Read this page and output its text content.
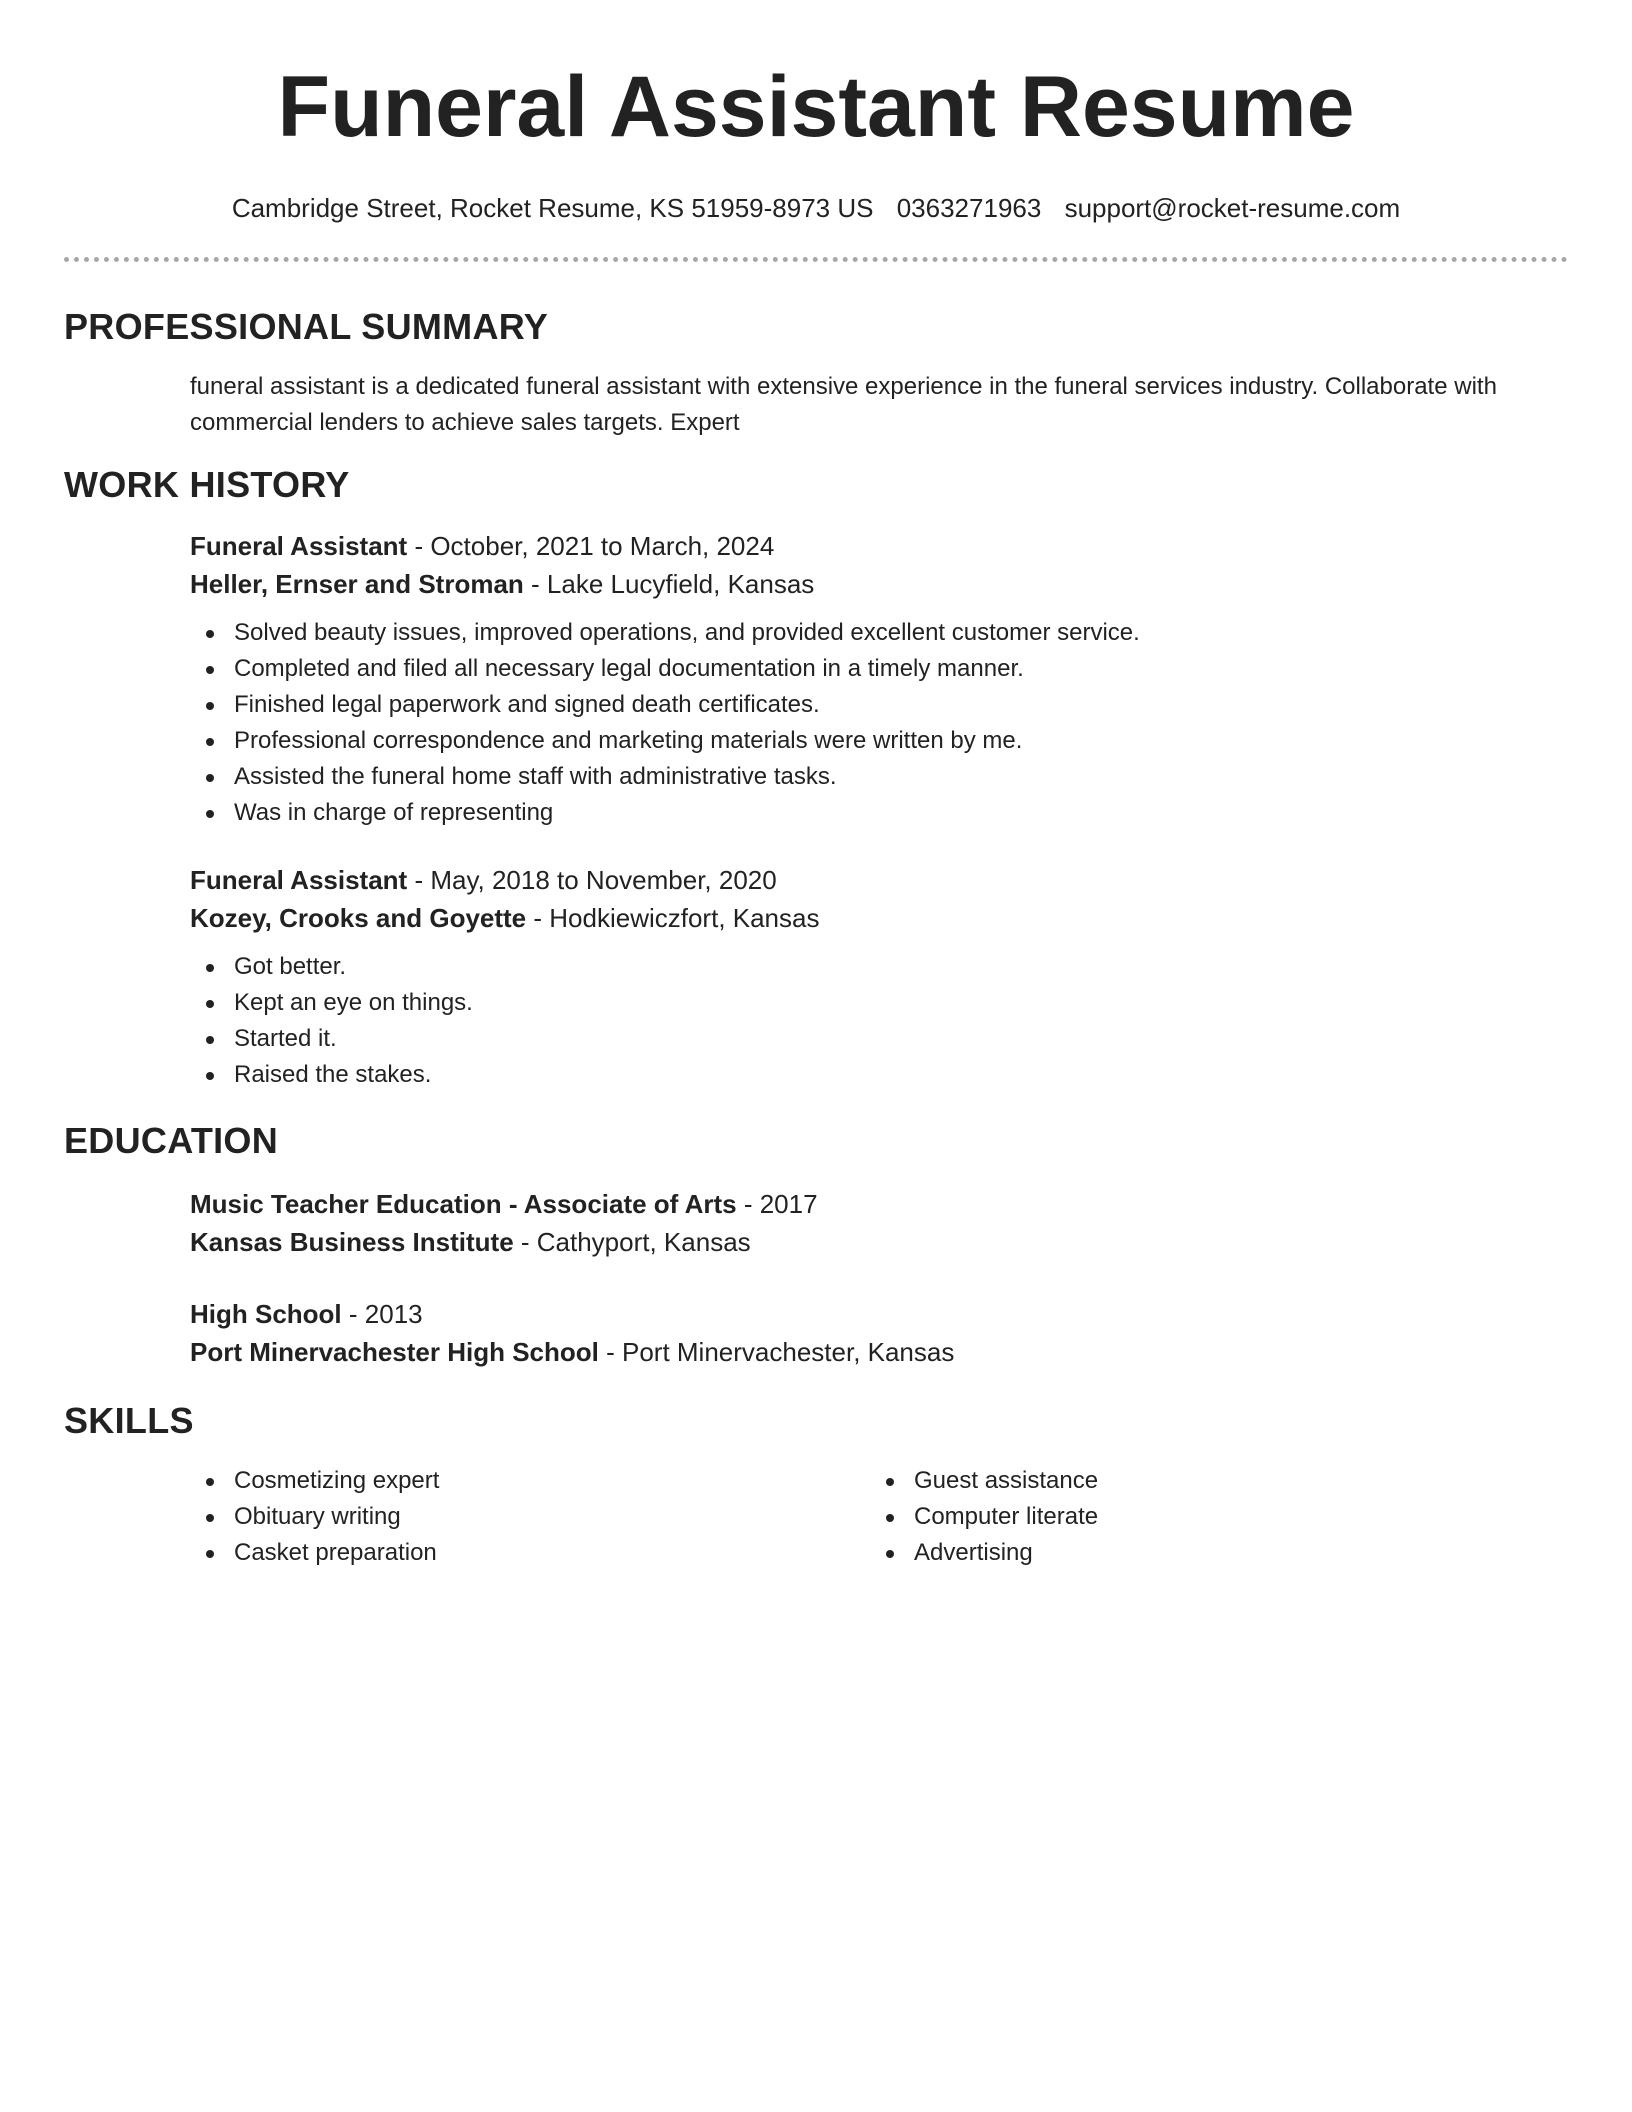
Funeral Assistant Resume
Cambridge Street, Rocket Resume, KS 51959-8973 US 0363271963 support@rocket-resume.com
PROFESSIONAL SUMMARY
funeral assistant is a dedicated funeral assistant with extensive experience in the funeral services industry. Collaborate with commercial lenders to achieve sales targets. Expert
WORK HISTORY
Funeral Assistant - October, 2021 to March, 2024
Heller, Ernser and Stroman - Lake Lucyfield, Kansas
Solved beauty issues, improved operations, and provided excellent customer service.
Completed and filed all necessary legal documentation in a timely manner.
Finished legal paperwork and signed death certificates.
Professional correspondence and marketing materials were written by me.
Assisted the funeral home staff with administrative tasks.
Was in charge of representing
Funeral Assistant - May, 2018 to November, 2020
Kozey, Crooks and Goyette - Hodkiewiczfort, Kansas
Got better.
Kept an eye on things.
Started it.
Raised the stakes.
EDUCATION
Music Teacher Education - Associate of Arts - 2017
Kansas Business Institute - Cathyport, Kansas
High School - 2013
Port Minervachester High School - Port Minervachester, Kansas
SKILLS
Cosmetizing expert
Obituary writing
Casket preparation
Guest assistance
Computer literate
Advertising
